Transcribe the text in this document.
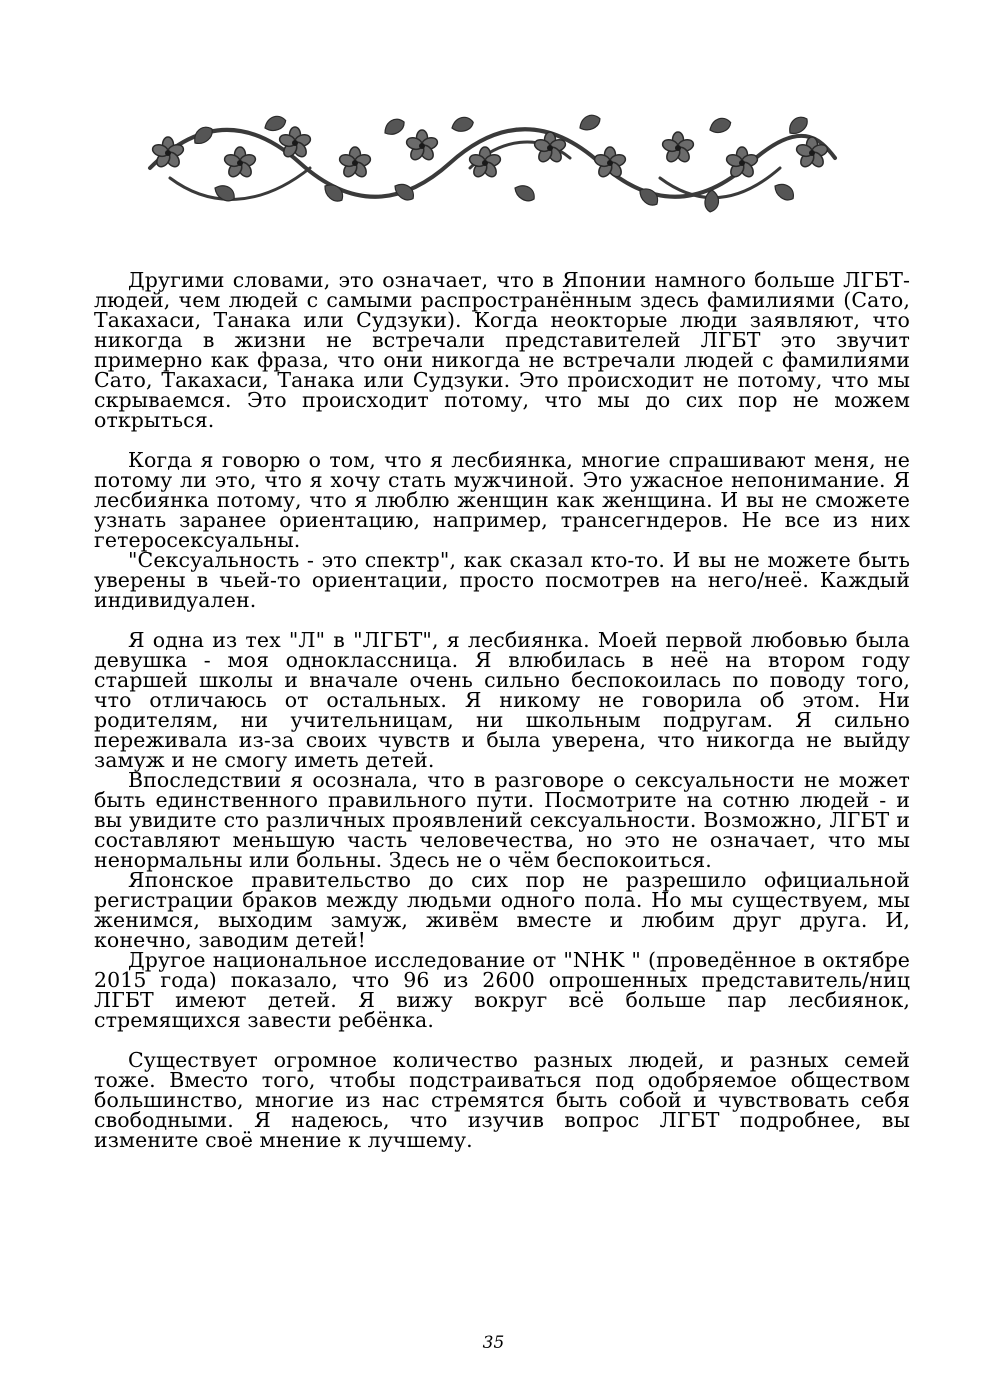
Другими словами, это означает, что в Японии намного больше ЛГБТ-людей, чем людей с самыми распространённым здесь фамилиями (Сато, Такахаси, Танака или Судзуки). Когда неокторые люди заявляют, что никогда в жизни не встречали представителей ЛГБТ это звучит примерно как фраза, что они никогда не встречали людей с фамилиями Сато, Такахаси, Танака или Судзуки. Это происходит не потому, что мы скрываемся. Это происходит потому, что мы до сих пор не можем открыться.

Когда я говорю о том, что я лесбиянка, многие спрашивают меня, не потому ли это, что я хочу стать мужчиной. Это ужасное непонимание. Я лесбиянка потому, что я люблю женщин как женщина. И вы не сможете узнать заранее ориентацию, например, трансегндеров. Не все из них гетеросексуальны.

"Сексуальность - это спектр", как сказал кто-то. И вы не можете быть уверены в чьей-то ориентации, просто посмотрев на него/неё. Каждый индивидуален.

Я одна из тех "Л" в "ЛГБТ", я лесбиянка. Моей первой любовью была девушка - моя одноклассница. Я влюбилась в неё на втором году старшей школы и вначале очень сильно беспокоилась по поводу того, что отличаюсь от остальных. Я никому не говорила об этом. Ни родителям, ни учительницам, ни школьным подругам. Я сильно переживала из-за своих чувств и была уверена, что никогда не выйду замуж и не смогу иметь детей.

Впоследствии я осознала, что в разговоре о сексуальности не может быть единственного правильного пути. Посмотрите на сотню людей - и вы увидите сто различных проявлений сексуальности. Возможно, ЛГБТ и составляют меньшую часть человечества, но это не означает, что мы ненормальны или больны. Здесь не о чём беспокоиться.

Японское правительство до сих пор не разрешило официальной регистрации браков между людьми одного пола. Но мы существуем, мы женимся, выходим замуж, живём вместе и любим друг друга. И, конечно, заводим детей!

Другое национальное исследование от "NHK " (проведённое в октябре 2015 года) показало, что 96 из 2600 опрошенных представитель/ниц ЛГБТ имеют детей. Я вижу вокруг всё больше пар лесбиянок, стремящихся завести ребёнка.

Существует огромное количество разных людей, и разных семей тоже. Вместо того, чтобы подстраиваться под одобряемое обществом большинство, многие из нас стремятся быть собой и чувствовать себя свободными. Я надеюсь, что изучив вопрос ЛГБТ подробнее, вы измените своё мнение к лучшему.

35
